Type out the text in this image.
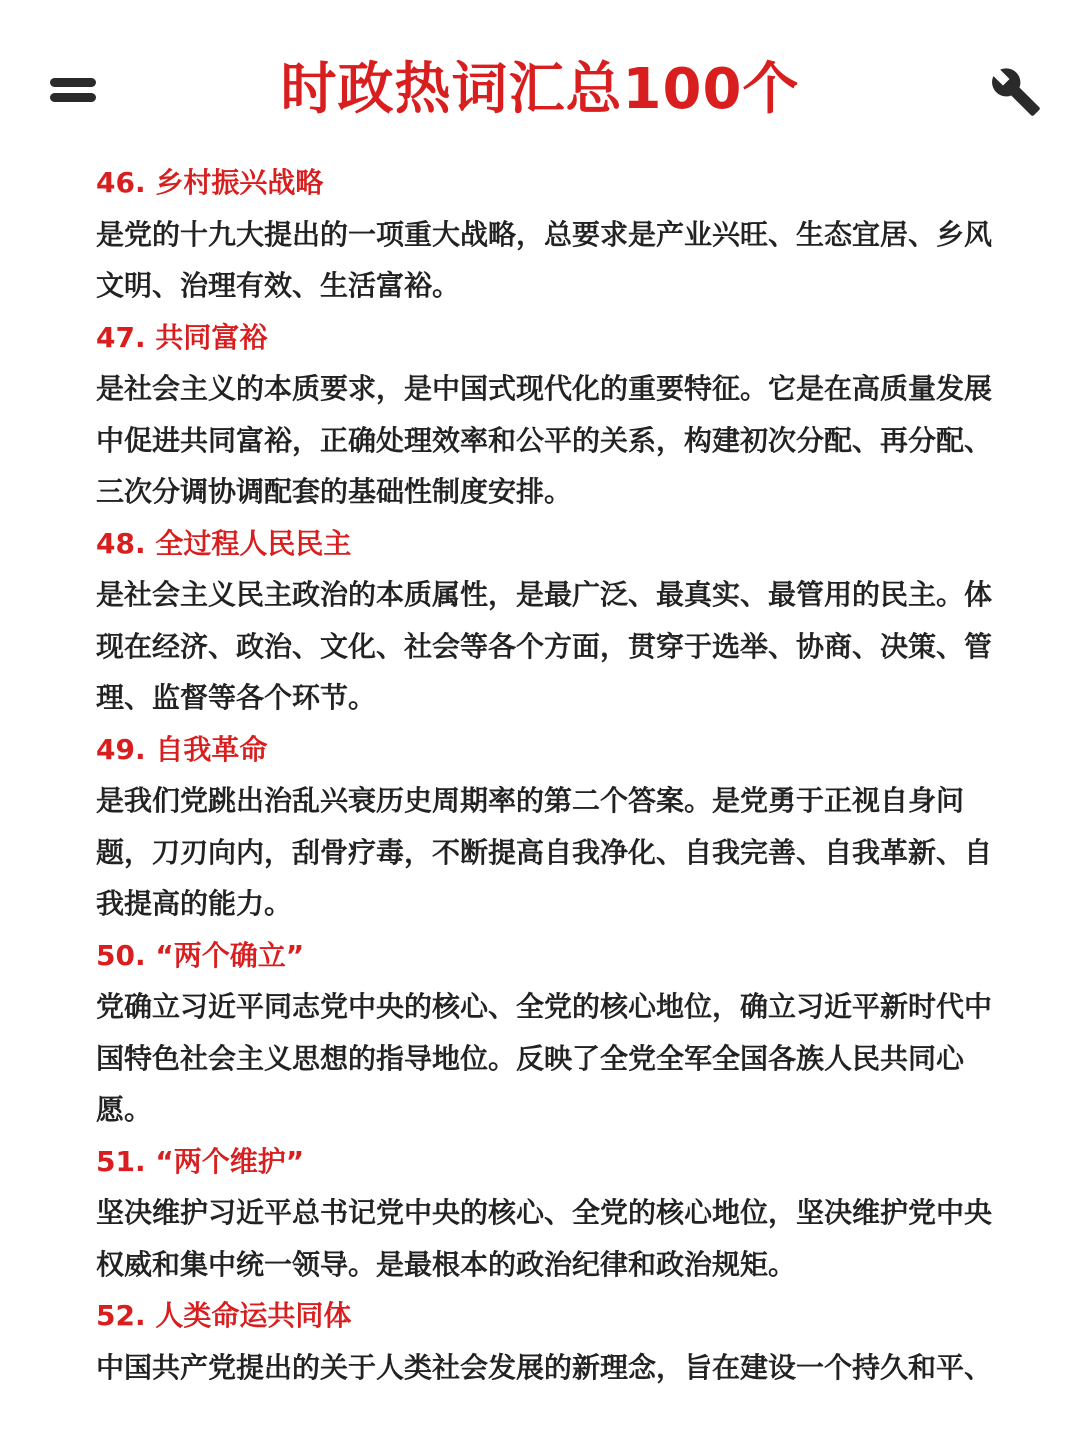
时政热词汇总100个
46. 乡村振兴战略

是党的十九大提出的一项重大战略，总要求是产业兴旺、生态宜居、乡风文明、治理有效、生活富裕。

47. 共同富裕

是社会主义的本质要求，是中国式现代化的重要特征。它是在高质量发展中促进共同富裕，正确处理效率和公平的关系，构建初次分配、再分配、三次分调协调配套的基础性制度安排。

48. 全过程人民民主

是社会主义民主政治的本质属性，是最广泛、最真实、最管用的民主。体现在经济、政治、文化、社会等各个方面，贯穿于选举、协商、决策、管理、监督等各个环节。

49. 自我革命

是我们党跳出治乱兴衰历史周期率的第二个答案。是党勇于正视自身问题，刀刃向内，刮骨疗毒，不断提高自我净化、自我完善、自我革新、自我提高的能力。

50. “两个确立”

党确立习近平同志党中央的核心、全党的核心地位，确立习近平新时代中国特色社会主义思想的指导地位。反映了全党全军全国各族人民共同心愿。

51. “两个维护”

坚决维护习近平总书记党中央的核心、全党的核心地位，坚决维护党中央权威和集中统一领导。是最根本的政治纪律和政治规矩。

52. 人类命运共同体

中国共产党提出的关于人类社会发展的新理念，旨在建设一个持久和平、
